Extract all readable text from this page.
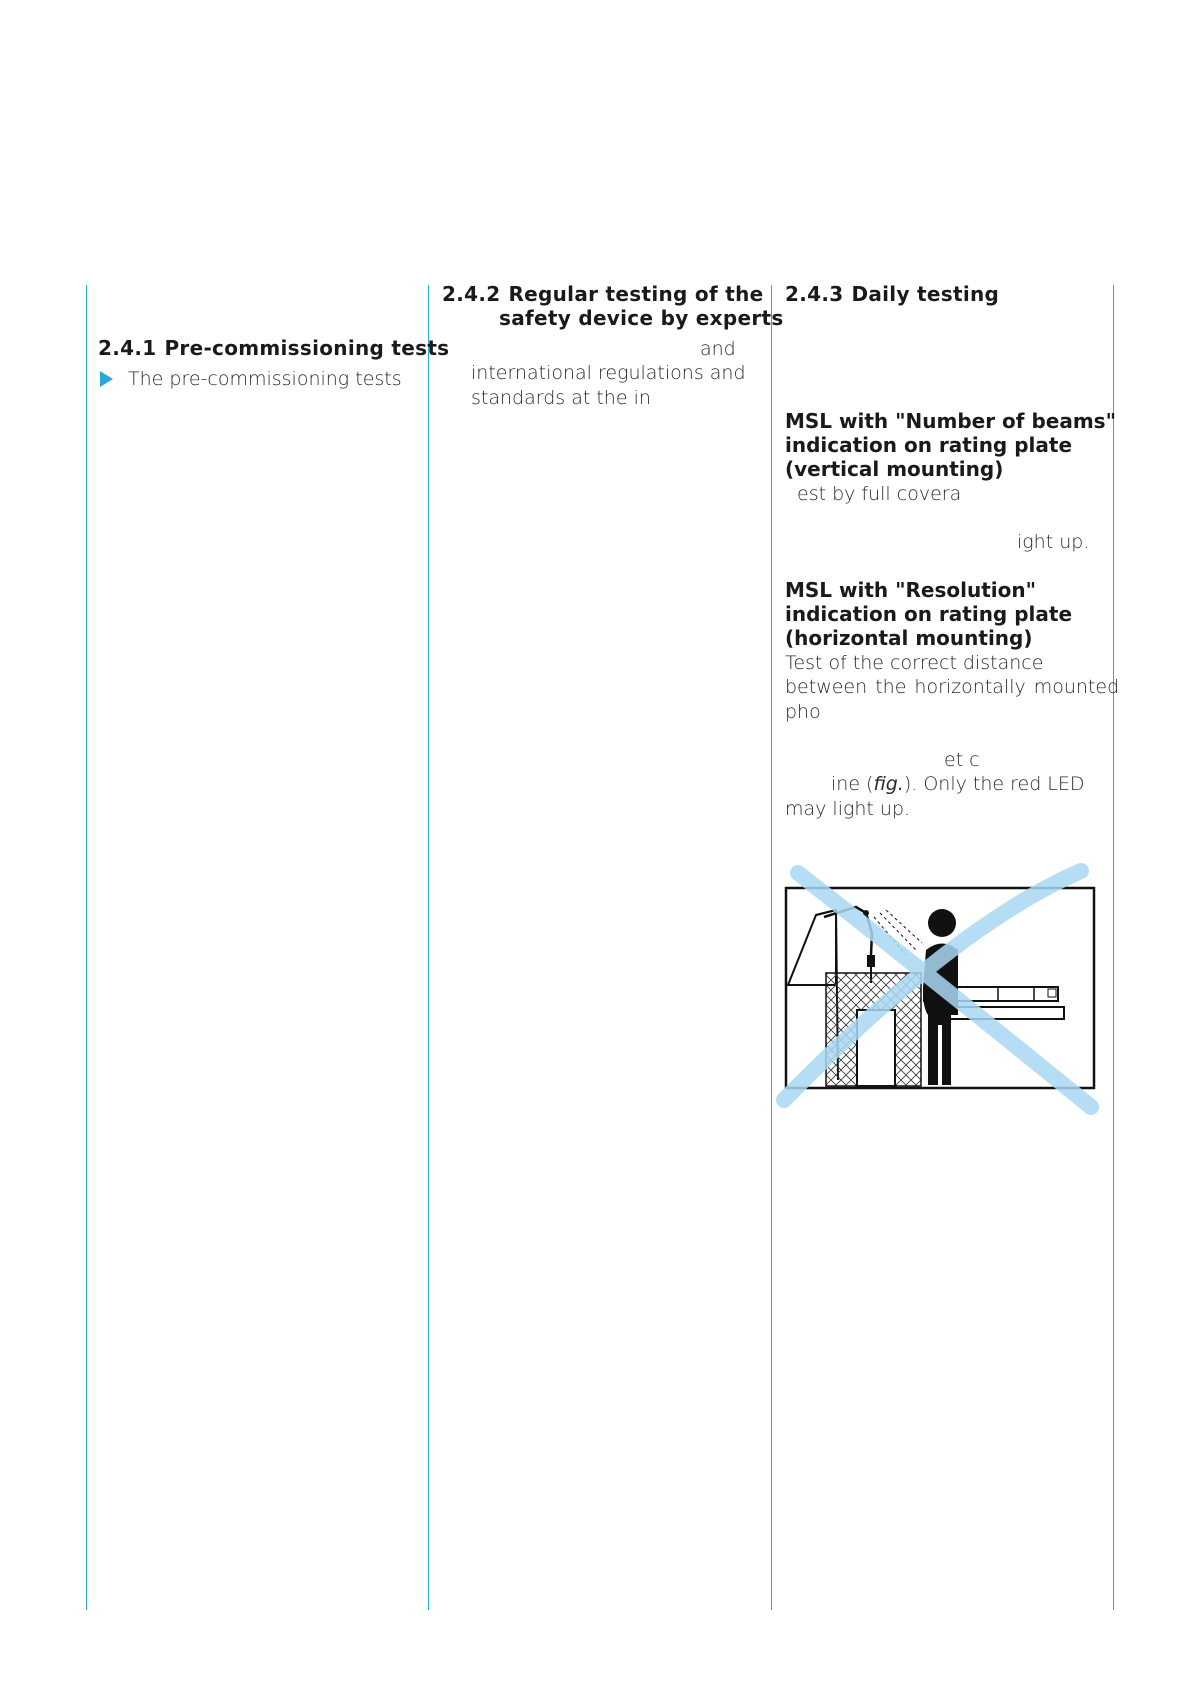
2.4.1 Pre-commissioning tests
The pre-commissioning tests
2.4.2 Regular testing of the
safety device by experts
and
international regulations and
standards at the in
2.4.3 Daily testing
MSL with "Number of beams"
indication on rating plate
(vertical mounting)
est by full covera
ight up.
MSL with "Resolution"
indication on rating plate
(horizontal mounting)
Test of the correct distance
between the horizontally mounted
pho
et c
ine (fig.). Only the red LED
may light up.
